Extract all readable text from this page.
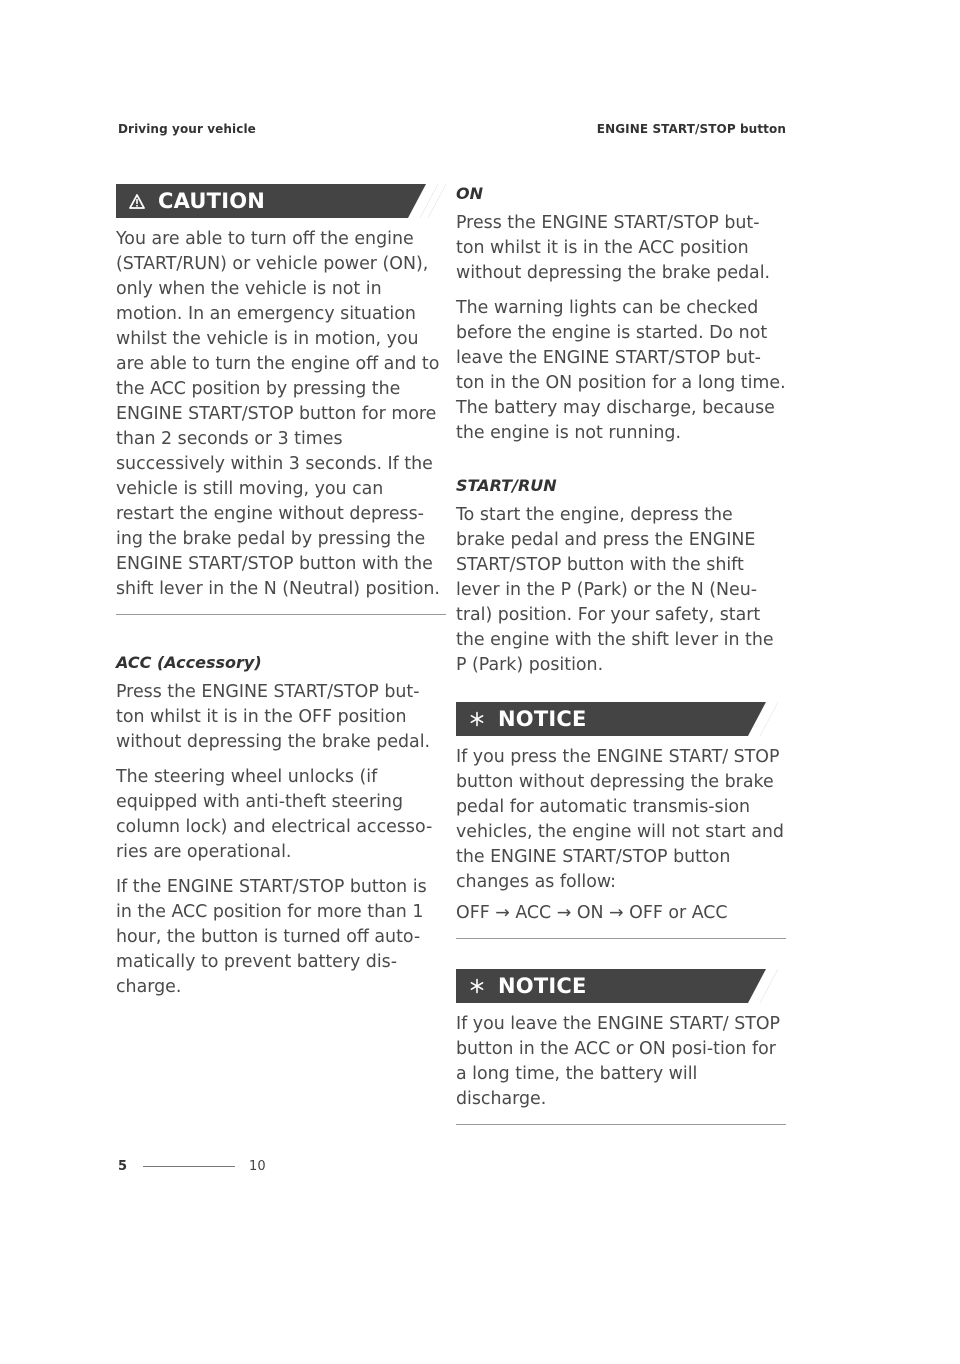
Driving your vehicle	ENGINE START/STOP button
CAUTION

You are able to turn off the engine (START/RUN) or vehicle power (ON), only when the vehicle is not in motion. In an emergency situation whilst the vehicle is in motion, you are able to turn the engine off and to the ACC position by pressing the ENGINE START/STOP button for more than 2 seconds or 3 times successively within 3 seconds. If the vehicle is still moving, you can restart the engine without depress-ing the brake pedal by pressing the ENGINE START/STOP button with the shift lever in the N (Neutral) position.

ACC (Accessory)

Press the ENGINE START/STOP but-ton whilst it is in the OFF position without depressing the brake pedal.

The steering wheel unlocks (if equipped with anti-theft steering column lock) and electrical accesso-ries are operational.

If the ENGINE START/STOP button is in the ACC position for more than 1 hour, the button is turned off auto-matically to prevent battery dis-charge.

ON

Press the ENGINE START/STOP but-ton whilst it is in the ACC position without depressing the brake pedal.

The warning lights can be checked before the engine is started. Do not leave the ENGINE START/STOP but-ton in the ON position for a long time. The battery may discharge, because the engine is not running.

START/RUN

To start the engine, depress the brake pedal and press the ENGINE START/STOP button with the shift lever in the P (Park) or the N (Neu-tral) position. For your safety, start the engine with the shift lever in the P (Park) position.

NOTICE

If you press the ENGINE START/ STOP button without depressing the brake pedal for automatic transmis-sion vehicles, the engine will not start and the ENGINE START/STOP button changes as follow:

OFF → ACC → ON → OFF or ACC

NOTICE

If you leave the ENGINE START/ STOP button in the ACC or ON posi-tion for a long time, the battery will discharge.

5	10
